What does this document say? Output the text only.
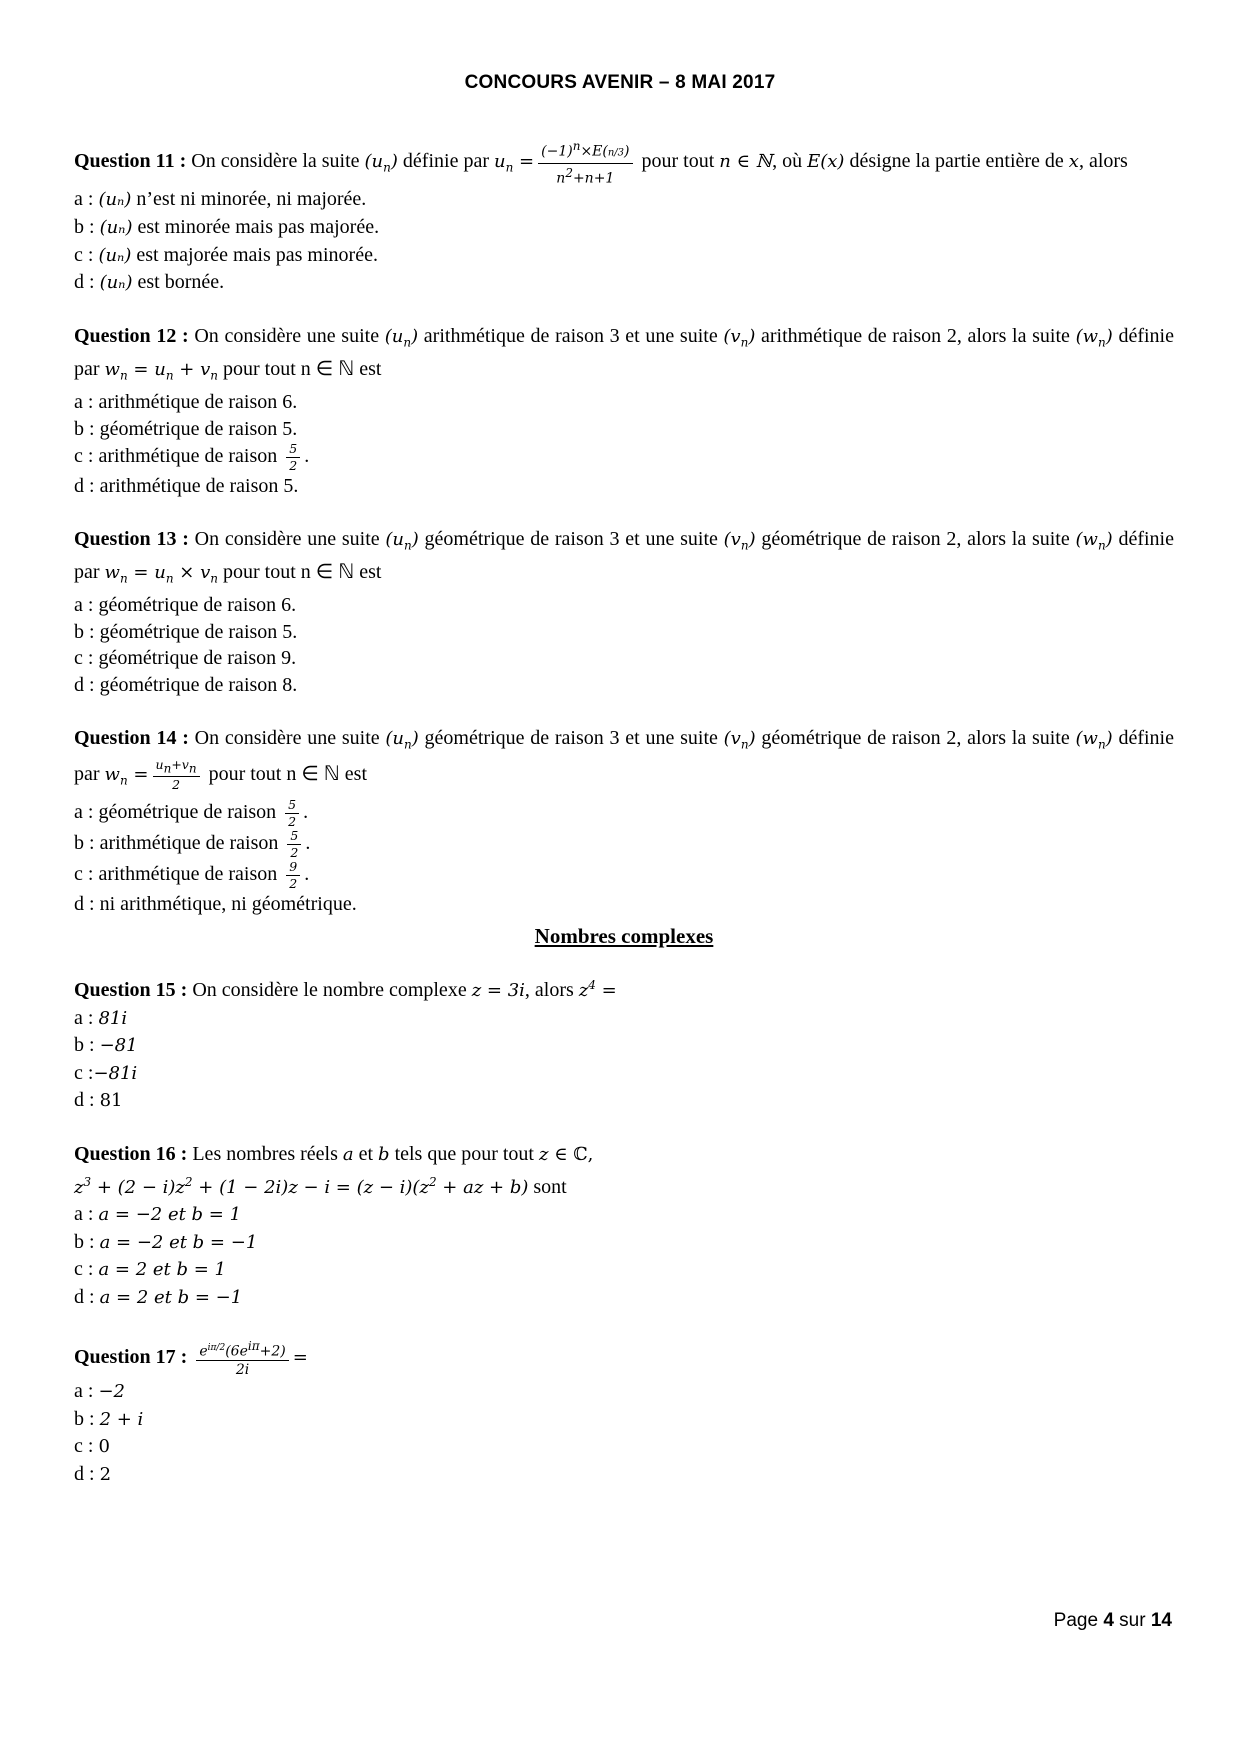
CONCOURS AVENIR – 8 MAI 2017

Question 11 : On considère la suite $(u_n)$ définie par $u_n = \frac{(-1)^n\times E(n/3)}{n^2+n+1}$ pour tout n ∈ ℕ, où E(x) désigne la partie entière de x, alors

a : (uₙ) n’est ni minorée, ni majorée.
b : (uₙ) est minorée mais pas majorée.
c : (uₙ) est majorée mais pas minorée.
d : (uₙ) est bornée.

Question 12 : On considère une suite $(u_n)$ arithmétique de raison 3 et une suite $(v_n)$ arithmétique de raison 2, alors la suite $(w_n)$ définie par $w_n = u_n + v_n$ pour tout n ∈ ℕ est

a : arithmétique de raison 6.
b : géométrique de raison 5.
c : arithmétique de raison $\frac{5}{2}$ .
d : arithmétique de raison 5.

Question 13 : On considère une suite $(u_n)$ géométrique de raison 3 et une suite $(v_n)$ géométrique de raison 2, alors la suite $(w_n)$ définie par $w_n = u_n \times v_n$ pour tout n ∈ ℕ est

a : géométrique de raison 6.
b : géométrique de raison 5.
c : géométrique de raison 9.
d : géométrique de raison 8.

Question 14 : On considère une suite $(u_n)$ géométrique de raison 3 et une suite $(v_n)$ géométrique de raison 2, alors la suite $(w_n)$ définie par $w_n = \frac{u_n+v_n}{2}$ pour tout n ∈ ℕ est

a : géométrique de raison $\frac{5}{2}$ .
b : arithmétique de raison $\frac{5}{2}$ .
c : arithmétique de raison $\frac{9}{2}$ .
d : ni arithmétique, ni géométrique.
Nombres complexes

Question 15 : On considère le nombre complexe z = 3i, alors $z^4$ =

a : 81i
b : −81
c :−81i
d : 81

Question 16 : Les nombres réels a et b tels que pour tout z ∈ ℂ,
$z^3 + (2 - i)z^2 + (1 - 2i)z - i = (z - i)(z^2$ + az + b) sont

a : a = −2 et b = 1
b : a = −2 et b = −1
c : a = 2 et b = 1
d : a = 2 et b = −1

Question 17 : $\frac{e^{i\pi/2}(6e^{i\pi}+2)}{2i}$ =

a : −2
b : 2 + i
c : 0
d : 2
Page 4 sur 14
